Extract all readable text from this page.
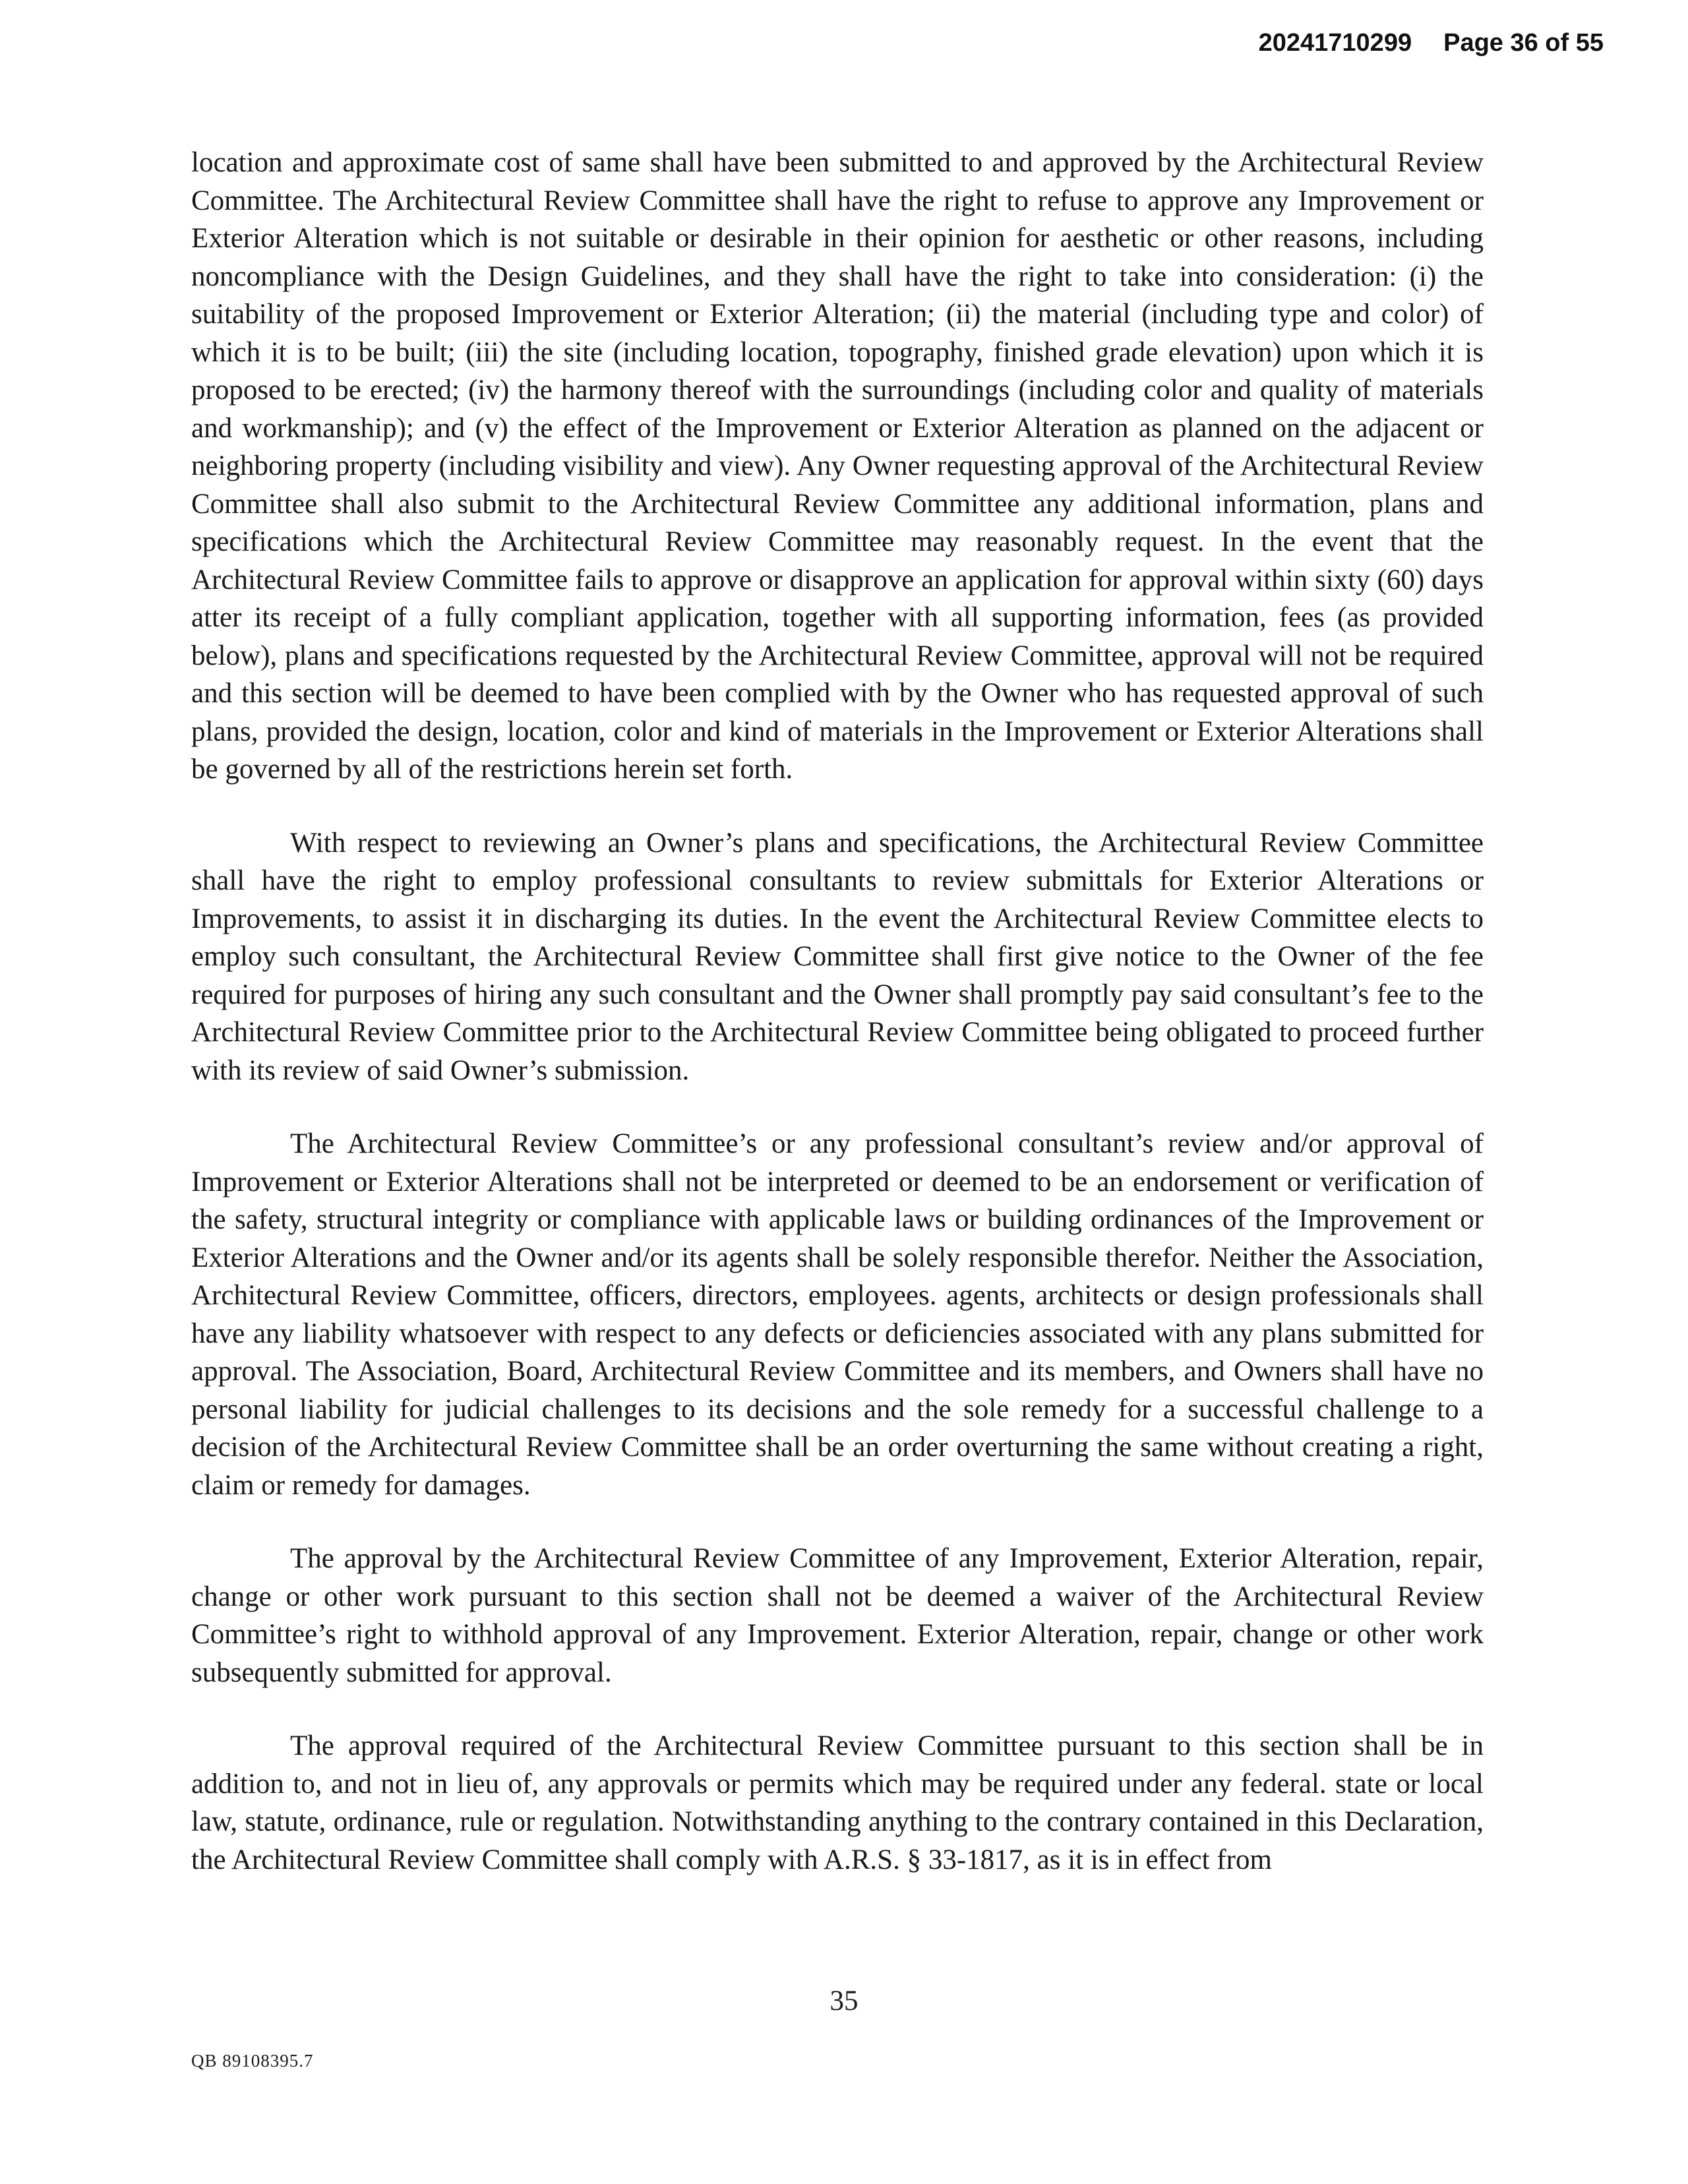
20241710299 Page 36 of 55

location and approximate cost of same shall have been submitted to and approved by the Architectural Review Committee. The Architectural Review Committee shall have the right to refuse to approve any Improvement or Exterior Alteration which is not suitable or desirable in their opinion for aesthetic or other reasons, including noncompliance with the Design Guidelines, and they shall have the right to take into consideration: (i) the suitability of the proposed Improvement or Exterior Alteration; (ii) the material (including type and color) of which it is to be built; (iii) the site (including location, topography, finished grade elevation) upon which it is proposed to be erected; (iv) the harmony thereof with the surroundings (including color and quality of materials and workmanship); and (v) the effect of the Improvement or Exterior Alteration as planned on the adjacent or neighboring property (including visibility and view). Any Owner requesting approval of the Architectural Review Committee shall also submit to the Architectural Review Committee any additional information, plans and specifications which the Architectural Review Committee may reasonably request. In the event that the Architectural Review Committee fails to approve or disapprove an application for approval within sixty (60) days atter its receipt of a fully compliant application, together with all supporting information, fees (as provided below), plans and specifications requested by the Architectural Review Committee, approval will not be required and this section will be deemed to have been complied with by the Owner who has requested approval of such plans, provided the design, location, color and kind of materials in the Improvement or Exterior Alterations shall be governed by all of the restrictions herein set forth.

With respect to reviewing an Owner’s plans and specifications, the Architectural Review Committee shall have the right to employ professional consultants to review submittals for Exterior Alterations or Improvements, to assist it in discharging its duties. In the event the Architectural Review Committee elects to employ such consultant, the Architectural Review Committee shall first give notice to the Owner of the fee required for purposes of hiring any such consultant and the Owner shall promptly pay said consultant’s fee to the Architectural Review Committee prior to the Architectural Review Committee being obligated to proceed further with its review of said Owner’s submission.

The Architectural Review Committee’s or any professional consultant’s review and/or approval of Improvement or Exterior Alterations shall not be interpreted or deemed to be an endorsement or verification of the safety, structural integrity or compliance with applicable laws or building ordinances of the Improvement or Exterior Alterations and the Owner and/or its agents shall be solely responsible therefor. Neither the Association, Architectural Review Committee, officers, directors, employees. agents, architects or design professionals shall have any liability whatsoever with respect to any defects or deficiencies associated with any plans submitted for approval. The Association, Board, Architectural Review Committee and its members, and Owners shall have no personal liability for judicial challenges to its decisions and the sole remedy for a successful challenge to a decision of the Architectural Review Committee shall be an order overturning the same without creating a right, claim or remedy for damages.

The approval by the Architectural Review Committee of any Improvement, Exterior Alteration, repair, change or other work pursuant to this section shall not be deemed a waiver of the Architectural Review Committee’s right to withhold approval of any Improvement. Exterior Alteration, repair, change or other work subsequently submitted for approval.

The approval required of the Architectural Review Committee pursuant to this section shall be in addition to, and not in lieu of, any approvals or permits which may be required under any federal. state or local law, statute, ordinance, rule or regulation. Notwithstanding anything to the contrary contained in this Declaration, the Architectural Review Committee shall comply with A.R.S. § 33-1817, as it is in effect from

35
QB 89108395.7
